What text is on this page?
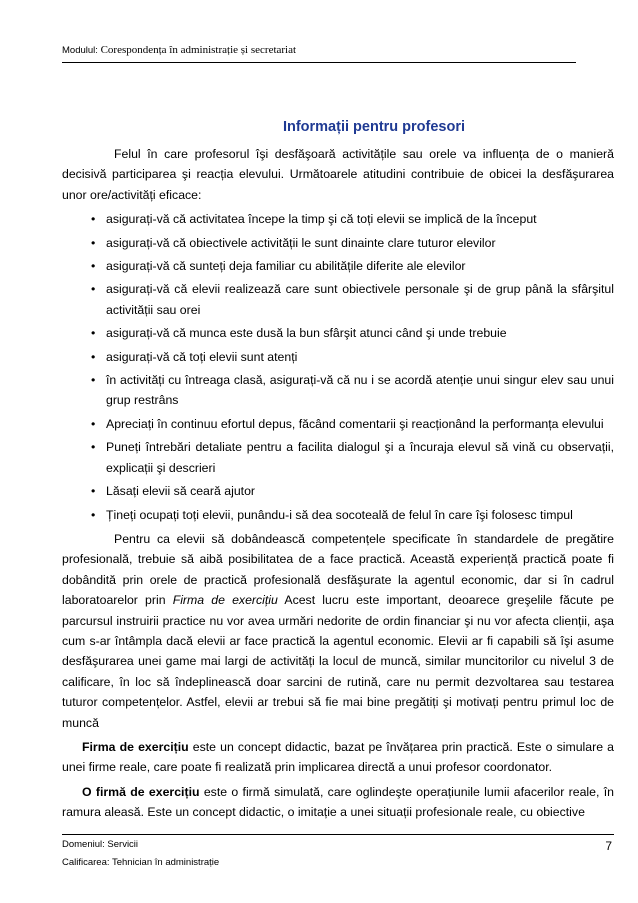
Modulul: Corespondența în administrație și secretariat
Informații pentru profesori

Felul în care profesorul îşi desfăşoară activitățile sau orele va influența de o manieră decisivă participarea şi reacția elevului. Următoarele atitudini contribuie de obicei la desfăşurarea unor ore/activități eficace:

• asigurați-vă că activitatea începe la timp şi că toți elevii se implică de la început
• asigurați-vă că obiectivele activității le sunt dinainte clare tuturor elevilor
• asigurați-vă că sunteți deja familiar cu abilitățile diferite ale elevilor
• asigurați-vă că elevii realizează care sunt obiectivele personale şi de grup până la sfârşitul activității sau orei
• asigurați-vă că munca este dusă la bun sfârşit atunci când şi unde trebuie
• asigurați-vă că toți elevii sunt atenți
• în activități cu întreaga clasă, asigurați-vă că nu i se acordă atenție unui singur elev sau unui grup restrâns
• Apreciați în continuu efortul depus, făcând comentarii şi reacționând la performanța elevului
• Puneți întrebări detaliate pentru a facilita dialogul şi a încuraja elevul să vină cu observații, explicații şi descrieri
• Lăsați elevii să ceară ajutor
• Țineți ocupați toți elevii, punându-i să dea socoteală de felul în care îşi folosesc timpul

Pentru ca elevii să dobândească competențele specificate în standardele de pregătire profesională, trebuie să aibă posibilitatea de a face practică. Această experiență practică poate fi dobândită prin orele de practică profesională desfăşurate la agentul economic, dar si în cadrul laboratoarelor prin Firma de exercițiu Acest lucru este important, deoarece greşelile făcute pe parcursul instruirii practice nu vor avea urmări nedorite de ordin financiar şi nu vor afecta clienții, aşa cum s-ar întâmpla dacă elevii ar face practică la agentul economic. Elevii ar fi capabili să îşi asume desfăşurarea unei game mai largi de activități la locul de muncă, similar muncitorilor cu nivelul 3 de calificare, în loc să îndeplinească doar sarcini de rutină, care nu permit dezvoltarea sau testarea tuturor competențelor. Astfel, elevii ar trebui să fie mai bine pregătiți şi motivați pentru primul loc de muncă

Firma de exercițiu este un concept didactic, bazat pe învățarea prin practică. Este o simulare a unei firme reale, care poate fi realizată prin implicarea directă a unui profesor coordonator.

O firmă de exercițiu este o firmă simulată, care oglindeşte operațiunile lumii afacerilor reale, în ramura aleasă. Este un concept didactic, o imitație a unei situații profesionale reale, cu obiective

Domeniul: Servicii	7
Calificarea: Tehnician în administrație
